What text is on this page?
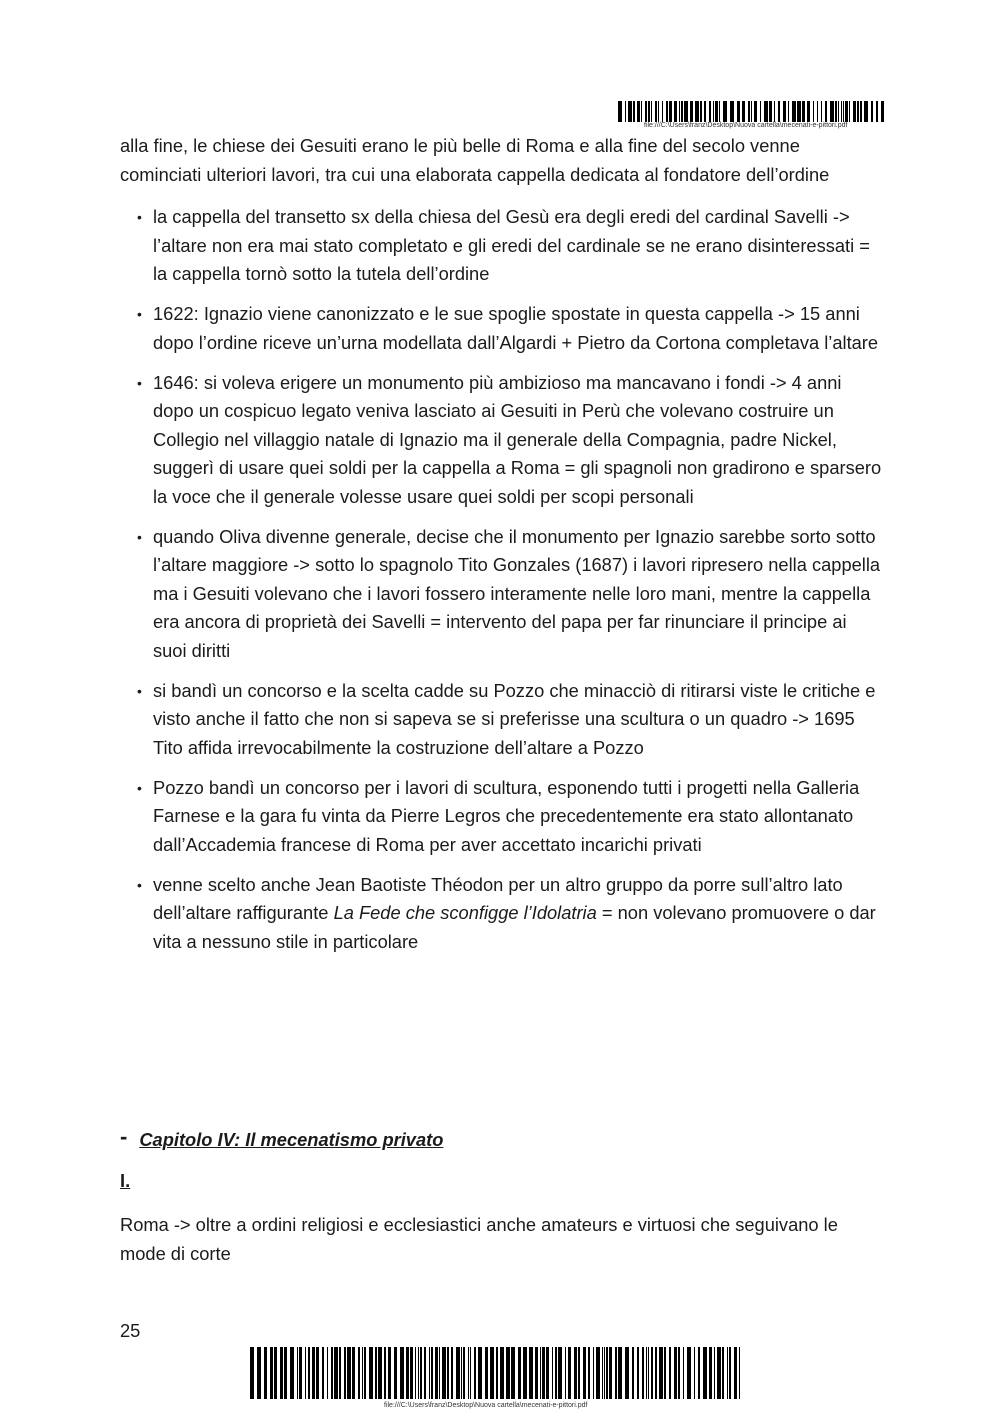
file:///C:\Users\franz\Desktop\Nuova cartella\mecenati-e-pittori.pdf

alla fine, le chiese dei Gesuiti erano le più belle di Roma e alla fine del secolo venne cominciati ulteriori lavori, tra cui una elaborata cappella dedicata al fondatore dell’ordine

• la cappella del transetto sx della chiesa del Gesù era degli eredi del cardinal Savelli -> l’altare non era mai stato completato e gli eredi del cardinale se ne erano disinteressati = la cappella tornò sotto la tutela dell’ordine
• 1622: Ignazio viene canonizzato e le sue spoglie spostate in questa cappella -> 15 anni dopo l’ordine riceve un’urna modellata dall’Algardi + Pietro da Cortona completava l’altare
• 1646: si voleva erigere un monumento più ambizioso ma mancavano i fondi -> 4 anni dopo un cospicuo legato veniva lasciato ai Gesuiti in Perù che volevano costruire un Collegio nel villaggio natale di Ignazio ma il generale della Compagnia, padre Nickel, suggerì di usare quei soldi per la cappella a Roma = gli spagnoli non gradirono e sparsero la voce che il generale volesse usare quei soldi per scopi personali
• quando Oliva divenne generale, decise che il monumento per Ignazio sarebbe sorto sotto l’altare maggiore -> sotto lo spagnolo Tito Gonzales (1687) i lavori ripresero nella cappella ma i Gesuiti volevano che i lavori fossero interamente nelle loro mani, mentre la cappella era ancora di proprietà dei Savelli = intervento del papa per far rinunciare il principe ai suoi diritti
• si bandì un concorso e la scelta cadde su Pozzo che minacciò di ritirarsi viste le critiche e visto anche il fatto che non si sapeva se si preferisse una scultura o un quadro -> 1695 Tito affida irrevocabilmente la costruzione dell’altare a Pozzo
• Pozzo bandì un concorso per i lavori di scultura, esponendo tutti i progetti nella Galleria Farnese e la gara fu vinta da Pierre Legros che precedentemente era stato allontanato dall’Accademia francese di Roma per aver accettato incarichi privati
• venne scelto anche Jean Baotiste Théodon per un altro gruppo da porre sull’altro lato dell’altare raffigurante La Fede che sconfigge l’Idolatria = non volevano promuovere o dar vita a nessuno stile in particolare
- Capitolo IV: Il mecenatismo privato
I.

Roma -> oltre a ordini religiosi e ecclesiastici anche amateurs e virtuosi che seguivano le mode di corte

25
file:///C:\Users\franz\Desktop\Nuova cartella\mecenati-e-pittori.pdf
